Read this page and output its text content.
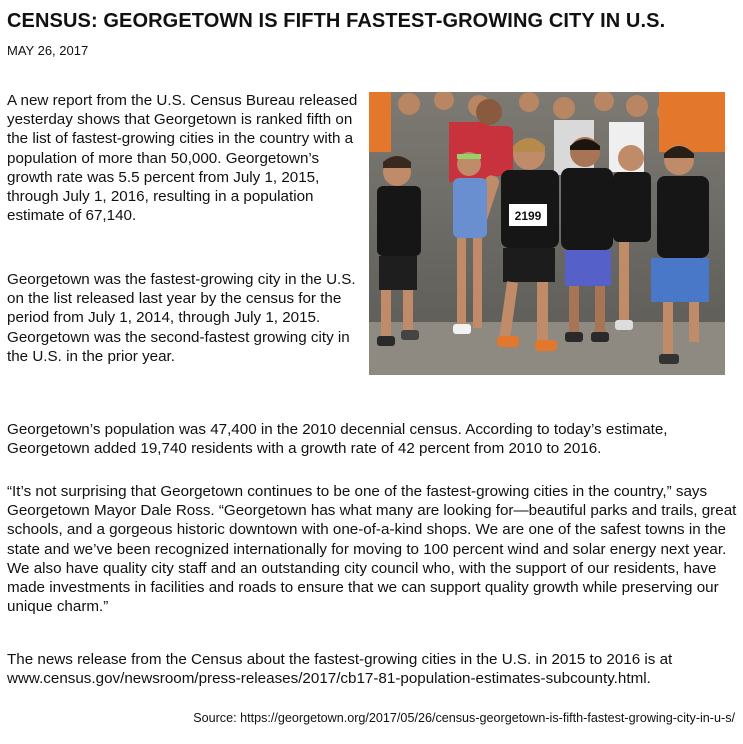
CENSUS: GEORGETOWN IS FIFTH FASTEST-GROWING CITY IN U.S.
MAY 26, 2017

A new report from the U.S. Census Bureau released yesterday shows that Georgetown is ranked fifth on the list of fastest-growing cities in the country with a population of more than 50,000. Georgetown’s growth rate was 5.5 percent from July 1, 2015, through July 1, 2016, resulting in a population estimate of 67,140.

Georgetown was the fastest-growing city in the U.S. on the list released last year by the census for the period from July 1, 2014, through July 1, 2015. Georgetown was the second-fastest growing city in the U.S. in the prior year.

Georgetown’s population was 47,400 in the 2010 decennial census. According to today’s estimate, Georgetown added 19,740 residents with a growth rate of 42 percent from 2010 to 2016.

“It’s not surprising that Georgetown continues to be one of the fastest-growing cities in the country,” says Georgetown Mayor Dale Ross. “Georgetown has what many are looking for—beautiful parks and trails, great schools, and a gorgeous historic downtown with one-of-a-kind shops. We are one of the safest towns in the state and we’ve been recognized internationally for moving to 100 percent wind and solar energy next year. We also have quality city staff and an outstanding city council who, with the support of our residents, have made investments in facilities and roads to ensure that we can support quality growth while preserving our unique charm.”

The news release from the Census about the fastest-growing cities in the U.S. in 2015 to 2016 is at www.census.gov/newsroom/press-releases/2017/cb17-81-population-estimates-subcounty.html.

2199
Source: https://georgetown.org/2017/05/26/census-georgetown-is-fifth-fastest-growing-city-in-u-s/
